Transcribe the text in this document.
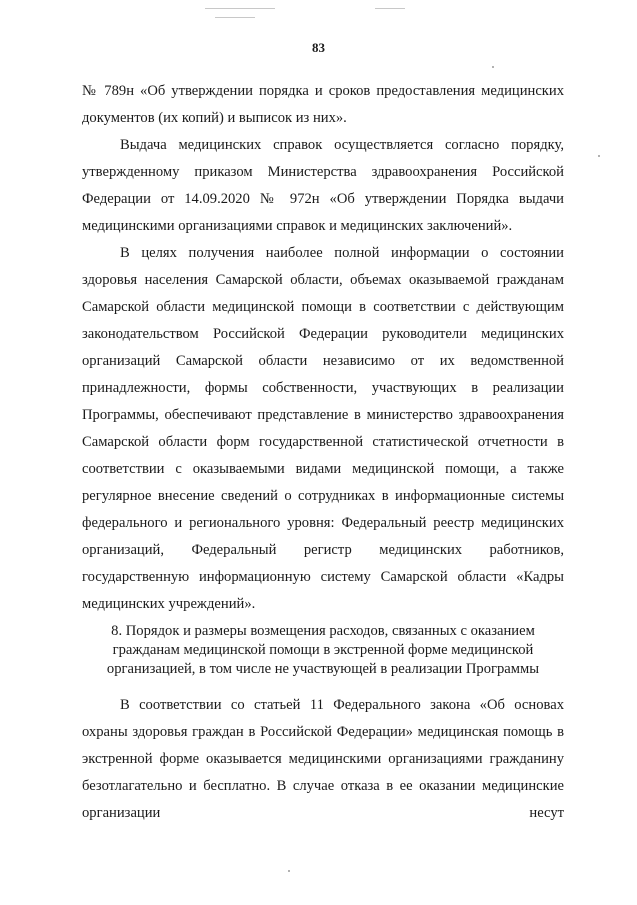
83

№ 789н «Об утверждении порядка и сроков предоставления медицинских документов (их копий) и выписок из них».

Выдача медицинских справок осуществляется согласно порядку, утвержденному приказом Министерства здравоохранения Российской Федерации от 14.09.2020 № 972н «Об утверждении Порядка выдачи медицинскими организациями справок и медицинских заключений».

В целях получения наиболее полной информации о состоянии здоровья населения Самарской области, объемах оказываемой гражданам Самарской области медицинской помощи в соответствии с действующим законодательством Российской Федерации руководители медицинских организаций Самарской области независимо от их ведомственной принадлежности, формы собственности, участвующих в реализации Программы, обеспечивают представление в министерство здравоохранения Самарской области форм государственной статистической отчетности в соответствии с оказываемыми видами медицинской помощи, а также регулярное внесение сведений о сотрудниках в информационные системы федерального и регионального уровня: Федеральный реестр медицинских организаций, Федеральный регистр медицинских работников, государственную информационную систему Самарской области «Кадры медицинских учреждений».

8. Порядок и размеры возмещения расходов, связанных с оказанием гражданам медицинской помощи в экстренной форме медицинской организацией, в том числе не участвующей в реализации Программы

В соответствии со статьей 11 Федерального закона «Об основах охраны здоровья граждан в Российской Федерации» медицинская помощь в экстренной форме оказывается медицинскими организациями гражданину безотлагательно и бесплатно. В случае отказа в ее оказании медицинские организации несут
